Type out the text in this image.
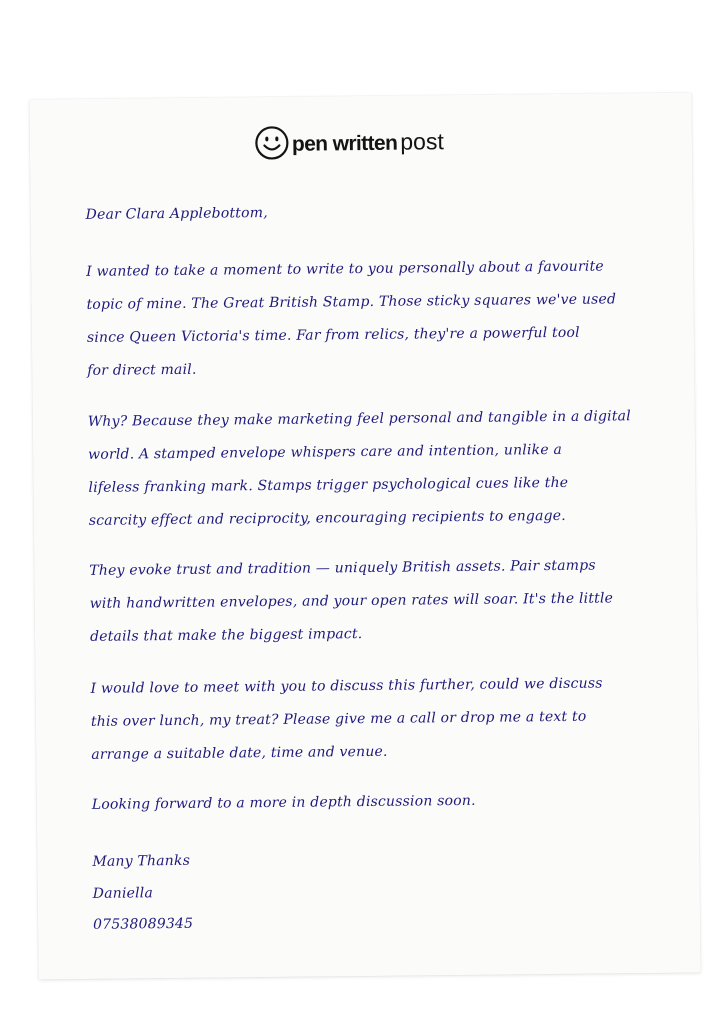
pen written post
Dear Clara Applebottom,
I wanted to take a moment to write to you personally about a favourite
topic of mine. The Great British Stamp. Those sticky squares we've used
since Queen Victoria's time. Far from relics, they're a powerful tool
for direct mail.
Why? Because they make marketing feel personal and tangible in a digital
world. A stamped envelope whispers care and intention, unlike a
lifeless franking mark. Stamps trigger psychological cues like the
scarcity effect and reciprocity, encouraging recipients to engage.
They evoke trust and tradition — uniquely British assets. Pair stamps
with handwritten envelopes, and your open rates will soar. It's the little
details that make the biggest impact.
I would love to meet with you to discuss this further, could we discuss
this over lunch, my treat? Please give me a call or drop me a text to
arrange a suitable date, time and venue.
Looking forward to a more in depth discussion soon.
Many Thanks
Daniella
07538089345
